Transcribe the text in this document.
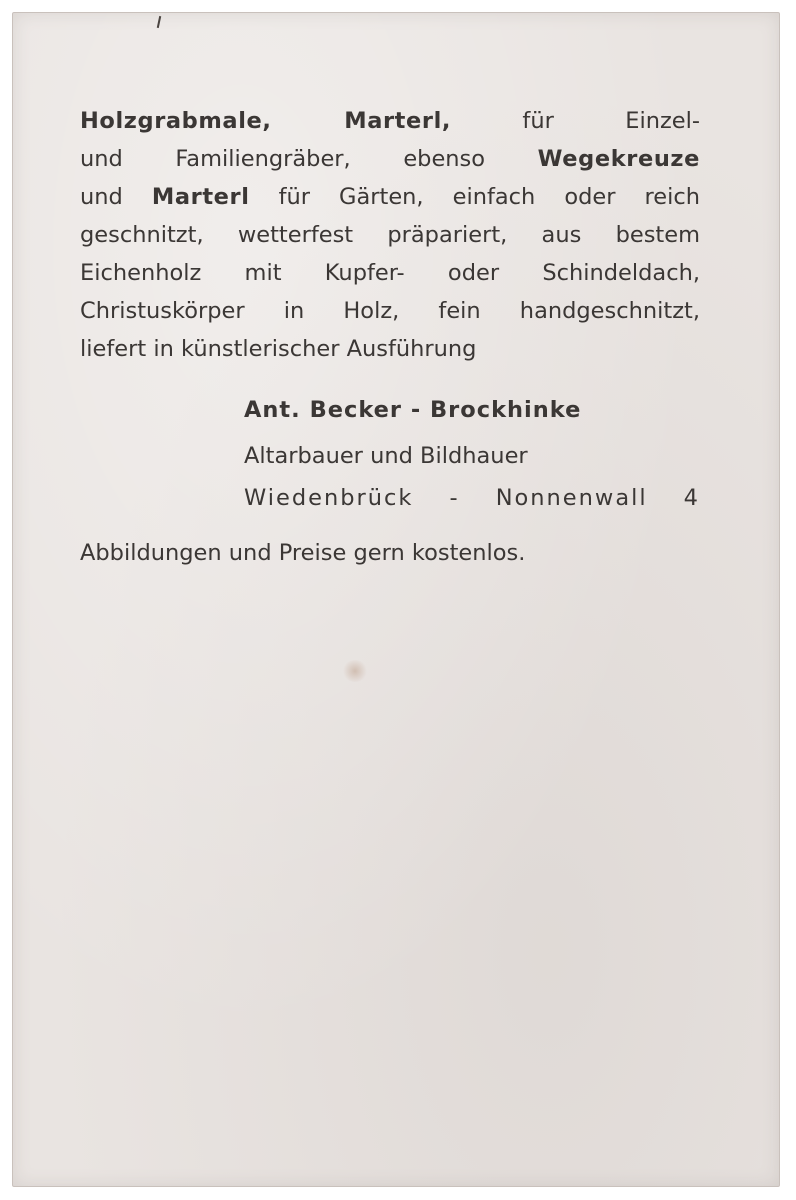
Holzgrabmale, Marterl, für Einzel-
und Familiengräber, ebenso Wegekreuze
und Marterl für Gärten, einfach oder reich
geschnitzt, wetterfest präpariert, aus bestem
Eichenholz mit Kupfer- oder Schindeldach,
Christuskörper in Holz, fein handgeschnitzt,
liefert in künstlerischer Ausführung
Ant. Becker - Brockhinke
Altarbauer und Bildhauer
Wiedenbrück - Nonnenwall 4
Abbildungen und Preise gern kostenlos.
